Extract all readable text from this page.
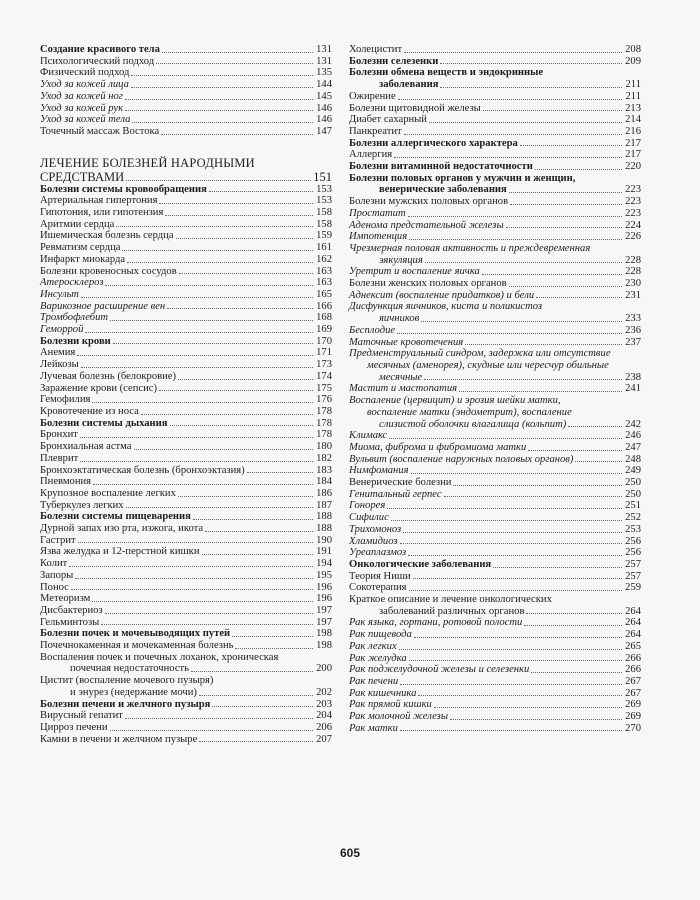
Создание красивого тела	131
Психологический подход	131
Физический подход	135
Уход за кожей лица	144
Уход за кожей ног	145
Уход за кожей рук	146
Уход за кожей тела	146
Точечный массаж Востока	147
ЛЕЧЕНИЕ БОЛЕЗНЕЙ НАРОДНЫМИ
СРЕДСТВАМИ	151
Болезни системы кровообращения	153
Артериальная гипертония	153
Гипотония, или гипотензия	158
Аритмии сердца	158
Ишемическая болезнь сердца	159
Ревматизм сердца	161
Инфаркт миокарда	162
Болезни кровеносных сосудов	163
Атеросклероз	163
Инсульт	165
Варикозное расширение вен	166
Тромбофлебит	168
Геморрой	169
Болезни крови	170
Анемия	171
Лейкозы	173
Лучевая болезнь (белокровие)	174
Заражение крови (сепсис)	175
Гемофилия	176
Кровотечение из носа	178
Болезни системы дыхания	178
Бронхит	178
Бронхиальная астма	180
Плеврит	182
Бронхоэктатическая болезнь (бронхоэктазия)	183
Пневмония	184
Крупозное воспаление легких	186
Туберкулез легких	187
Болезни системы пищеварения	188
Дурной запах изо рта, изжога, икота	188
Гастрит	190
Язва желудка и 12-перстной кишки	191
Колит	194
Запоры	195
Понос	196
Метеоризм	196
Дисбактериоз	197
Гельминтозы	197
Болезни почек и мочевыводящих путей	198
Почечнокаменная и мочекаменная болезнь	198
Воспаления почек и почечных лоханок, хроническая
почечная недостаточность	200
Цистит (воспаление мочевого пузыря)
и энурез (недержание мочи)	202
Болезни печени и желчного пузыря	203
Вирусный гепатит	204
Цирроз печени	206
Камни в печени и желчном пузыре	207
Холецистит	208
Болезни селезенки	209
Болезни обмена веществ и эндокринные
заболевания	211
Ожирение	211
Болезни щитовидной железы	213
Диабет сахарный	214
Панкреатит	216
Болезни аллергического характера	217
Аллергия	217
Болезни витаминной недостаточности	220
Болезни половых органов у мужчин и женщин,
венерические заболевания	223
Болезни мужских половых органов	223
Простатит	223
Аденома предстательной железы	224
Импотенция	226
Чрезмерная половая активность и преждевременная
эякуляция	228
Уретрит и воспаление яичка	228
Болезни женских половых органов	230
Аднексит (воспаление придатков) и бели	231
Дисфункция яичников, киста и поликистоз
яичников	233
Бесплодие	236
Маточные кровотечения	237
Предменструальный синдром, задержка или отсутствие
месячных (аменорея), скудные или чересчур обильные
месячные	238
Мастит и мастопатия	241
Воспаление (цервицит) и эрозия шейки матки,
воспаление матки (эндометрит), воспаление
слизистой оболочки влагалища (кольпит)	242
Климакс	246
Миома, фиброма и фибромиома матки	247
Вульвит (воспаление наружных половых органов)	248
Нимфомания	249
Венерические болезни	250
Генитальный герпес	250
Гонорея	251
Сифилис	252
Трихомоноз	253
Хламидиоз	256
Уреаплазмоз	256
Онкологические заболевания	257
Теория Ниши	257
Сокотерапия	259
Краткое описание и лечение онкологических
заболеваний различных органов	264
Рак языка, гортани, ротовой полости	264
Рак пищевода	264
Рак легких	265
Рак желудка	266
Рак поджелудочной железы и селезенки	266
Рак печени	267
Рак кишечника	267
Рак прямой кишки	269
Рак молочной железы	269
Рак матки	270
605
